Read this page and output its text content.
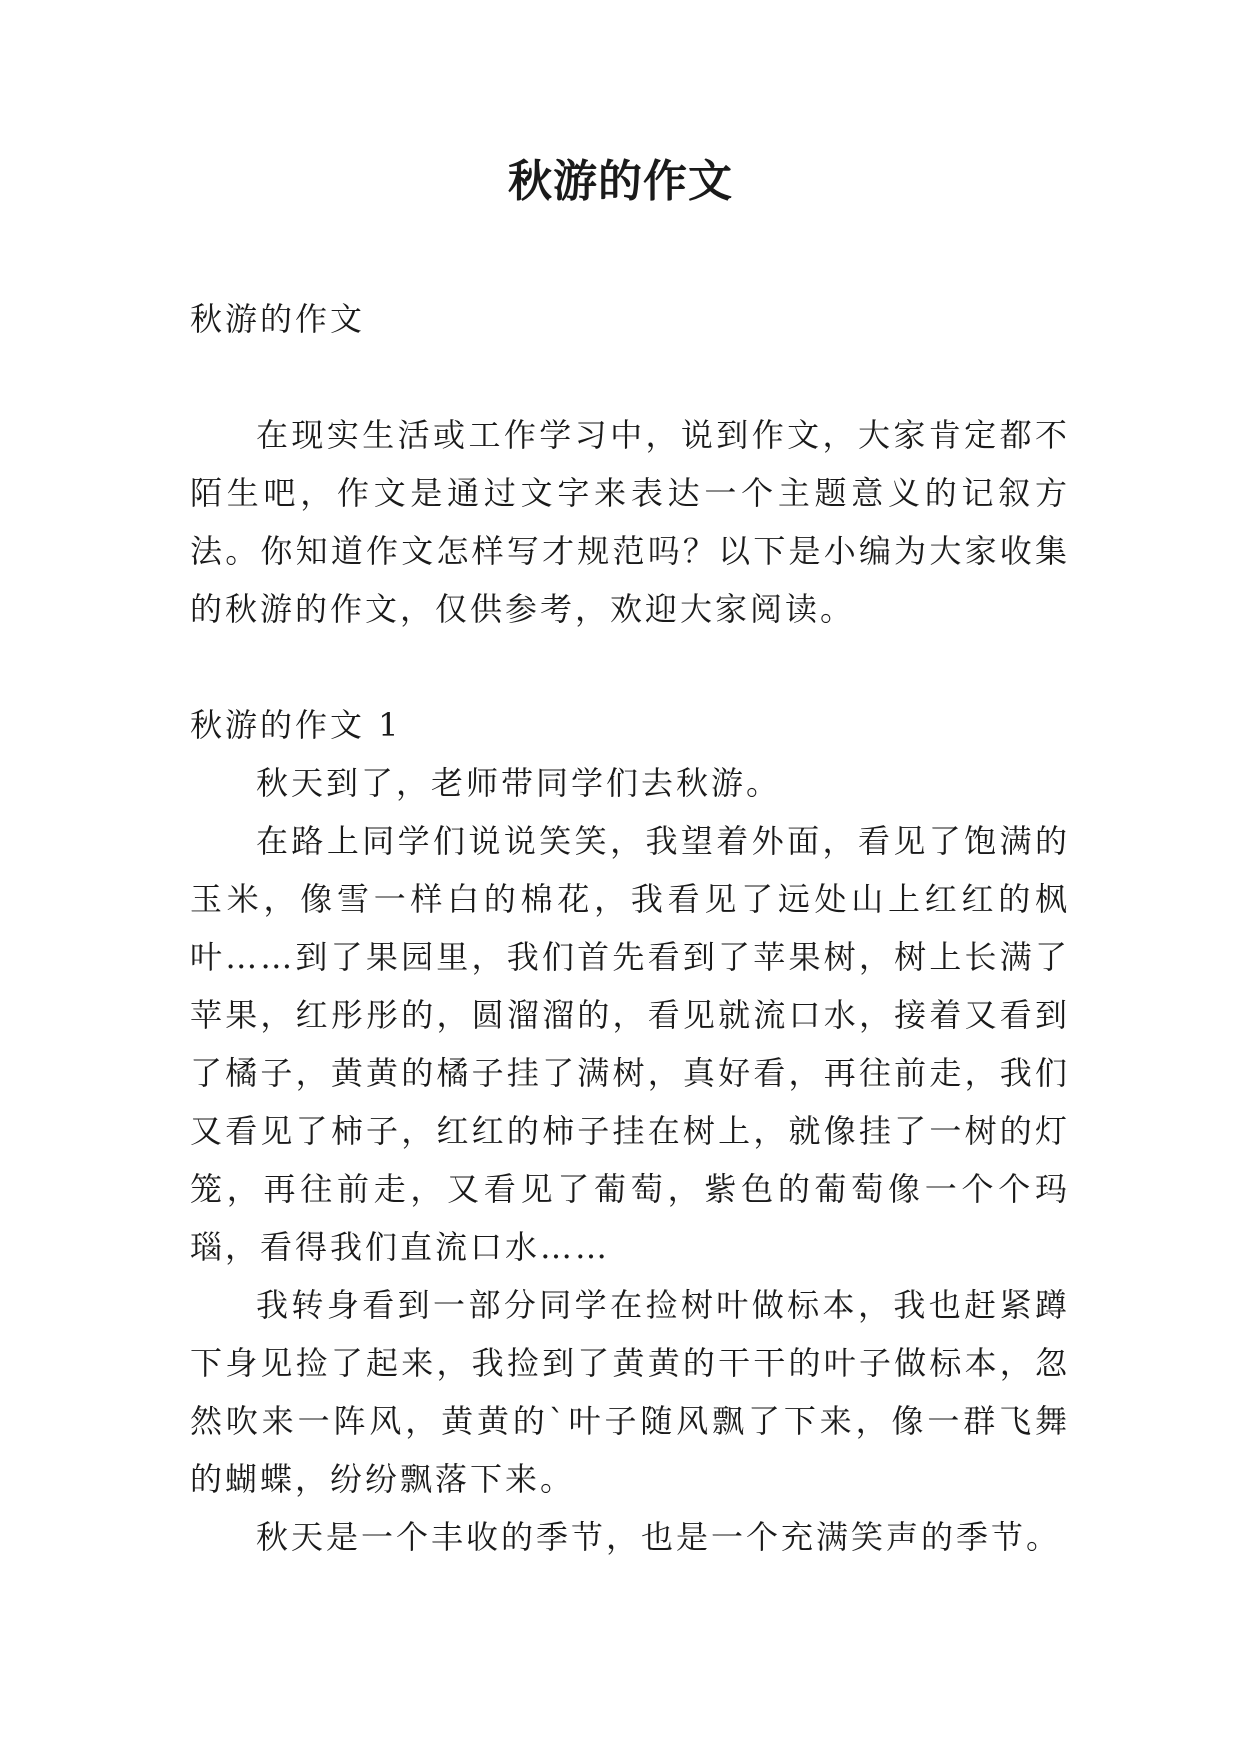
秋游的作文

秋游的作文

在现实生活或工作学习中，说到作文，大家肯定都不陌生吧，作文是通过文字来表达一个主题意义的记叙方法。你知道作文怎样写才规范吗？以下是小编为大家收集的秋游的作文，仅供参考，欢迎大家阅读。

秋游的作文 1

秋天到了，老师带同学们去秋游。

在路上同学们说说笑笑，我望着外面，看见了饱满的玉米，像雪一样白的棉花，我看见了远处山上红红的枫叶……到了果园里，我们首先看到了苹果树，树上长满了苹果，红彤彤的，圆溜溜的，看见就流口水，接着又看到了橘子，黄黄的橘子挂了满树，真好看，再往前走，我们又看见了柿子，红红的柿子挂在树上，就像挂了一树的灯笼，再往前走，又看见了葡萄，紫色的葡萄像一个个玛瑙，看得我们直流口水……

我转身看到一部分同学在捡树叶做标本，我也赶紧蹲下身见捡了起来，我捡到了黄黄的干干的叶子做标本，忽然吹来一阵风，黄黄的`叶子随风飘了下来，像一群飞舞的蝴蝶，纷纷飘落下来。

秋天是一个丰收的季节，也是一个充满笑声的季节。
